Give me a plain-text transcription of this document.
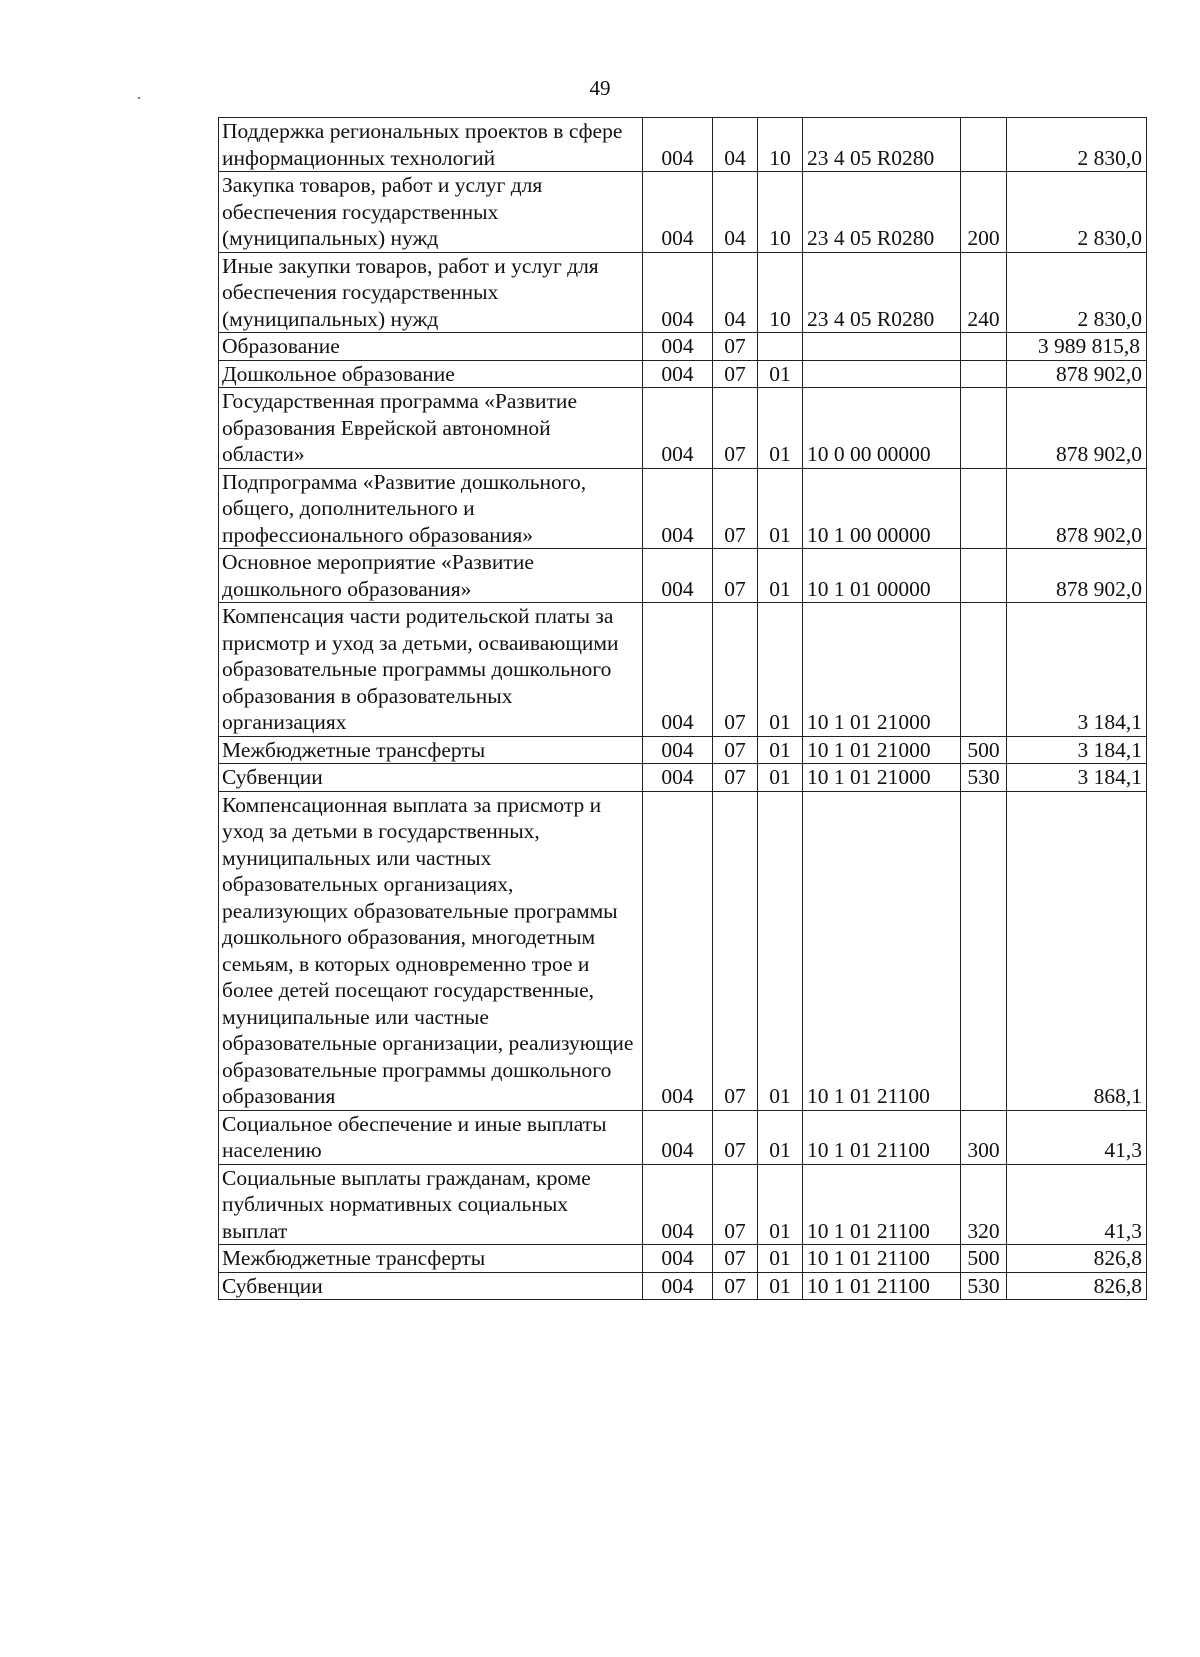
49
Поддержка региональных проектов в сфере информационных технологий	004	04	10	23 4 05 R0280		2 830,0

Закупка товаров, работ и услуг для обеспечения государственных (муниципальных) нужд	004	04	10	23 4 05 R0280	200	2 830,0

Иные закупки товаров, работ и услуг для обеспечения государственных (муниципальных) нужд	004	04	10	23 4 05 R0280	240	2 830,0

Образование	004	07				3 989 815,8

Дошкольное образование	004	07	01			878 902,0

Государственная программа «Развитие образования Еврейской автономной области»	004	07	01	10 0 00 00000		878 902,0

Подпрограмма «Развитие дошкольного, общего, дополнительного и профессионального образования»	004	07	01	10 1 00 00000		878 902,0

Основное мероприятие «Развитие дошкольного образования»	004	07	01	10 1 01 00000		878 902,0

Компенсация части родительской платы за присмотр и уход за детьми, осваивающими образовательные программы дошкольного образования в образовательных организациях	004	07	01	10 1 01 21000		3 184,1

Межбюджетные трансферты	004	07	01	10 1 01 21000	500	3 184,1

Субвенции	004	07	01	10 1 01 21000	530	3 184,1

Компенсационная выплата за присмотр и уход за детьми в государственных, муниципальных или частных образовательных организациях, реализующих образовательные программы дошкольного образования, многодетным семьям, в которых одновременно трое и более детей посещают государственные, муниципальные или частные образовательные организации, реализующие образовательные программы дошкольного образования	004	07	01	10 1 01 21100		868,1

Социальное обеспечение и иные выплаты населению	004	07	01	10 1 01 21100	300	41,3

Социальные выплаты гражданам, кроме публичных нормативных социальных выплат	004	07	01	10 1 01 21100	320	41,3

Межбюджетные трансферты	004	07	01	10 1 01 21100	500	826,8

Субвенции	004	07	01	10 1 01 21100	530	826,8
